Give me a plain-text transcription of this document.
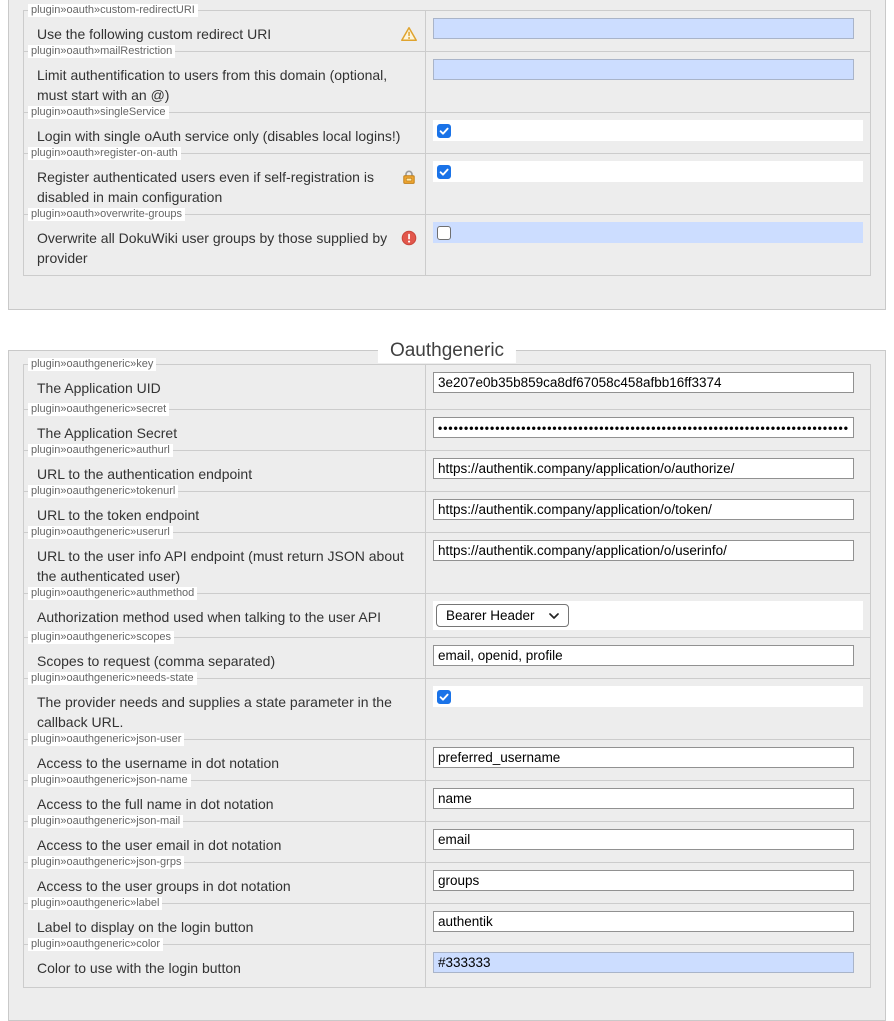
plugin»oauth»custom-redirectURI
Use the following custom redirect URI
plugin»oauth»mailRestriction
Limit authentification to users from this domain (optional, must start with an @)
plugin»oauth»singleService
Login with single oAuth service only (disables local logins!)
plugin»oauth»register-on-auth
Register authenticated users even if self-registration is disabled in main configuration
plugin»oauth»overwrite-groups
Overwrite all DokuWiki user groups by those supplied by provider
Oauthgeneric
plugin»oauthgeneric»key
The Application UID
3e207e0b35b859ca8df67058c458afbb16ff3374
plugin»oauthgeneric»secret
The Application Secret
••••••••••••••••••••••••••••••••••••••••••••••••••••••••••••••••••••••••••••••••
plugin»oauthgeneric»authurl
URL to the authentication endpoint
https://authentik.company/application/o/authorize/
plugin»oauthgeneric»tokenurl
URL to the token endpoint
https://authentik.company/application/o/token/
plugin»oauthgeneric»userurl
URL to the user info API endpoint (must return JSON about the authenticated user)
https://authentik.company/application/o/userinfo/
plugin»oauthgeneric»authmethod
Authorization method used when talking to the user API	Bearer Header
plugin»oauthgeneric»scopes
Scopes to request (comma separated)
email, openid, profile
plugin»oauthgeneric»needs-state
The provider needs and supplies a state parameter in the callback URL.
plugin»oauthgeneric»json-user
Access to the username in dot notation
preferred_username
plugin»oauthgeneric»json-name
Access to the full name in dot notation
name
plugin»oauthgeneric»json-mail
Access to the user email in dot notation
email
plugin»oauthgeneric»json-grps
Access to the user groups in dot notation
groups
plugin»oauthgeneric»label
Label to display on the login button
authentik
plugin»oauthgeneric»color
Color to use with the login button
#333333
